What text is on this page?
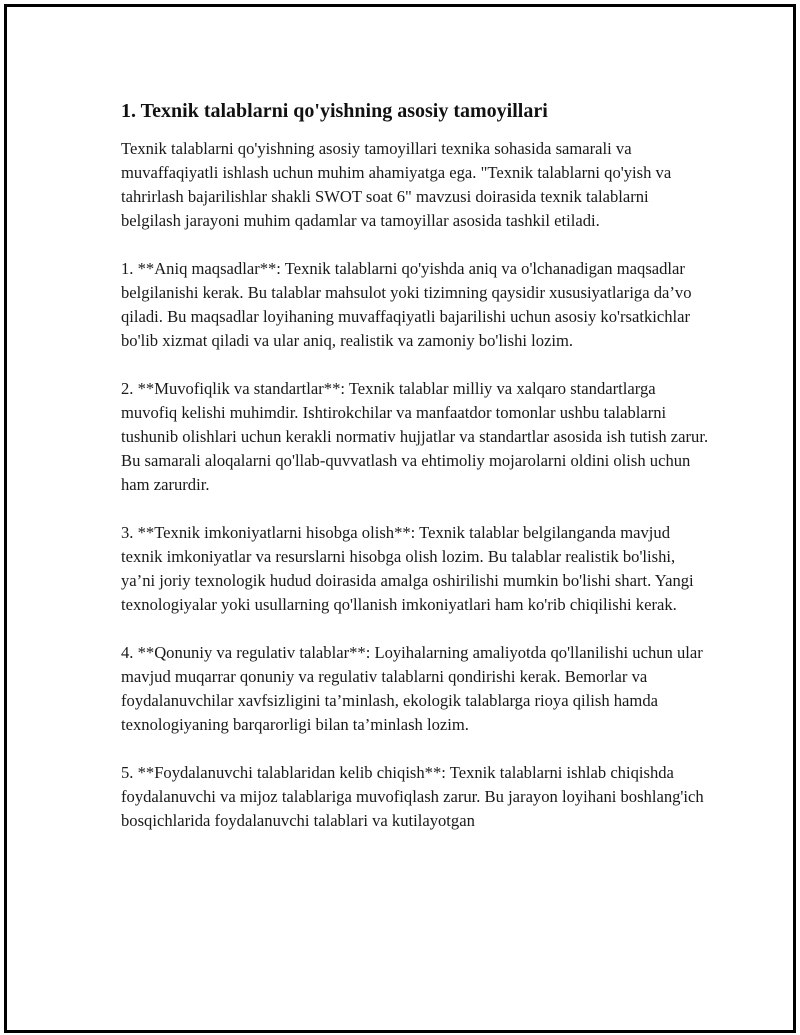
1. Texnik talablarni qo'yishning asosiy tamoyillari

Texnik talablarni qo'yishning asosiy tamoyillari texnika sohasida samarali va muvaffaqiyatli ishlash uchun muhim ahamiyatga ega. "Texnik talablarni qo'yish va tahrirlash bajarilishlar shakli SWOT soat 6" mavzusi doirasida texnik talablarni belgilash jarayoni muhim qadamlar va tamoyillar asosida tashkil etiladi.

1. **Aniq maqsadlar**: Texnik talablarni qo'yishda aniq va o'lchanadigan maqsadlar belgilanishi kerak. Bu talablar mahsulot yoki tizimning qaysidir xususiyatlariga da’vo qiladi. Bu maqsadlar loyihaning muvaffaqiyatli bajarilishi uchun asosiy ko'rsatkichlar bo'lib xizmat qiladi va ular aniq, realistik va zamoniy bo'lishi lozim.

2. **Muvofiqlik va standartlar**: Texnik talablar milliy va xalqaro standartlarga muvofiq kelishi muhimdir. Ishtirokchilar va manfaatdor tomonlar ushbu talablarni tushunib olishlari uchun kerakli normativ hujjatlar va standartlar asosida ish tutish zarur. Bu samarali aloqalarni qo'llab-quvvatlash va ehtimoliy mojarolarni oldini olish uchun ham zarurdir.

3. **Texnik imkoniyatlarni hisobga olish**: Texnik talablar belgilanganda mavjud texnik imkoniyatlar va resurslarni hisobga olish lozim. Bu talablar realistik bo'lishi, ya’ni joriy texnologik hudud doirasida amalga oshirilishi mumkin bo'lishi shart. Yangi texnologiyalar yoki usullarning qo'llanish imkoniyatlari ham ko'rib chiqilishi kerak.

4. **Qonuniy va regulativ talablar**: Loyihalarning amaliyotda qo'llanilishi uchun ular mavjud muqarrar qonuniy va regulativ talablarni qondirishi kerak. Bemorlar va foydalanuvchilar xavfsizligini ta’minlash, ekologik talablarga rioya qilish hamda texnologiyaning barqarorligi bilan ta’minlash lozim.

5. **Foydalanuvchi talablaridan kelib chiqish**: Texnik talablarni ishlab chiqishda foydalanuvchi va mijoz talablariga muvofiqlash zarur. Bu jarayon loyihani boshlang'ich bosqichlarida foydalanuvchi talablari va kutilayotgan
